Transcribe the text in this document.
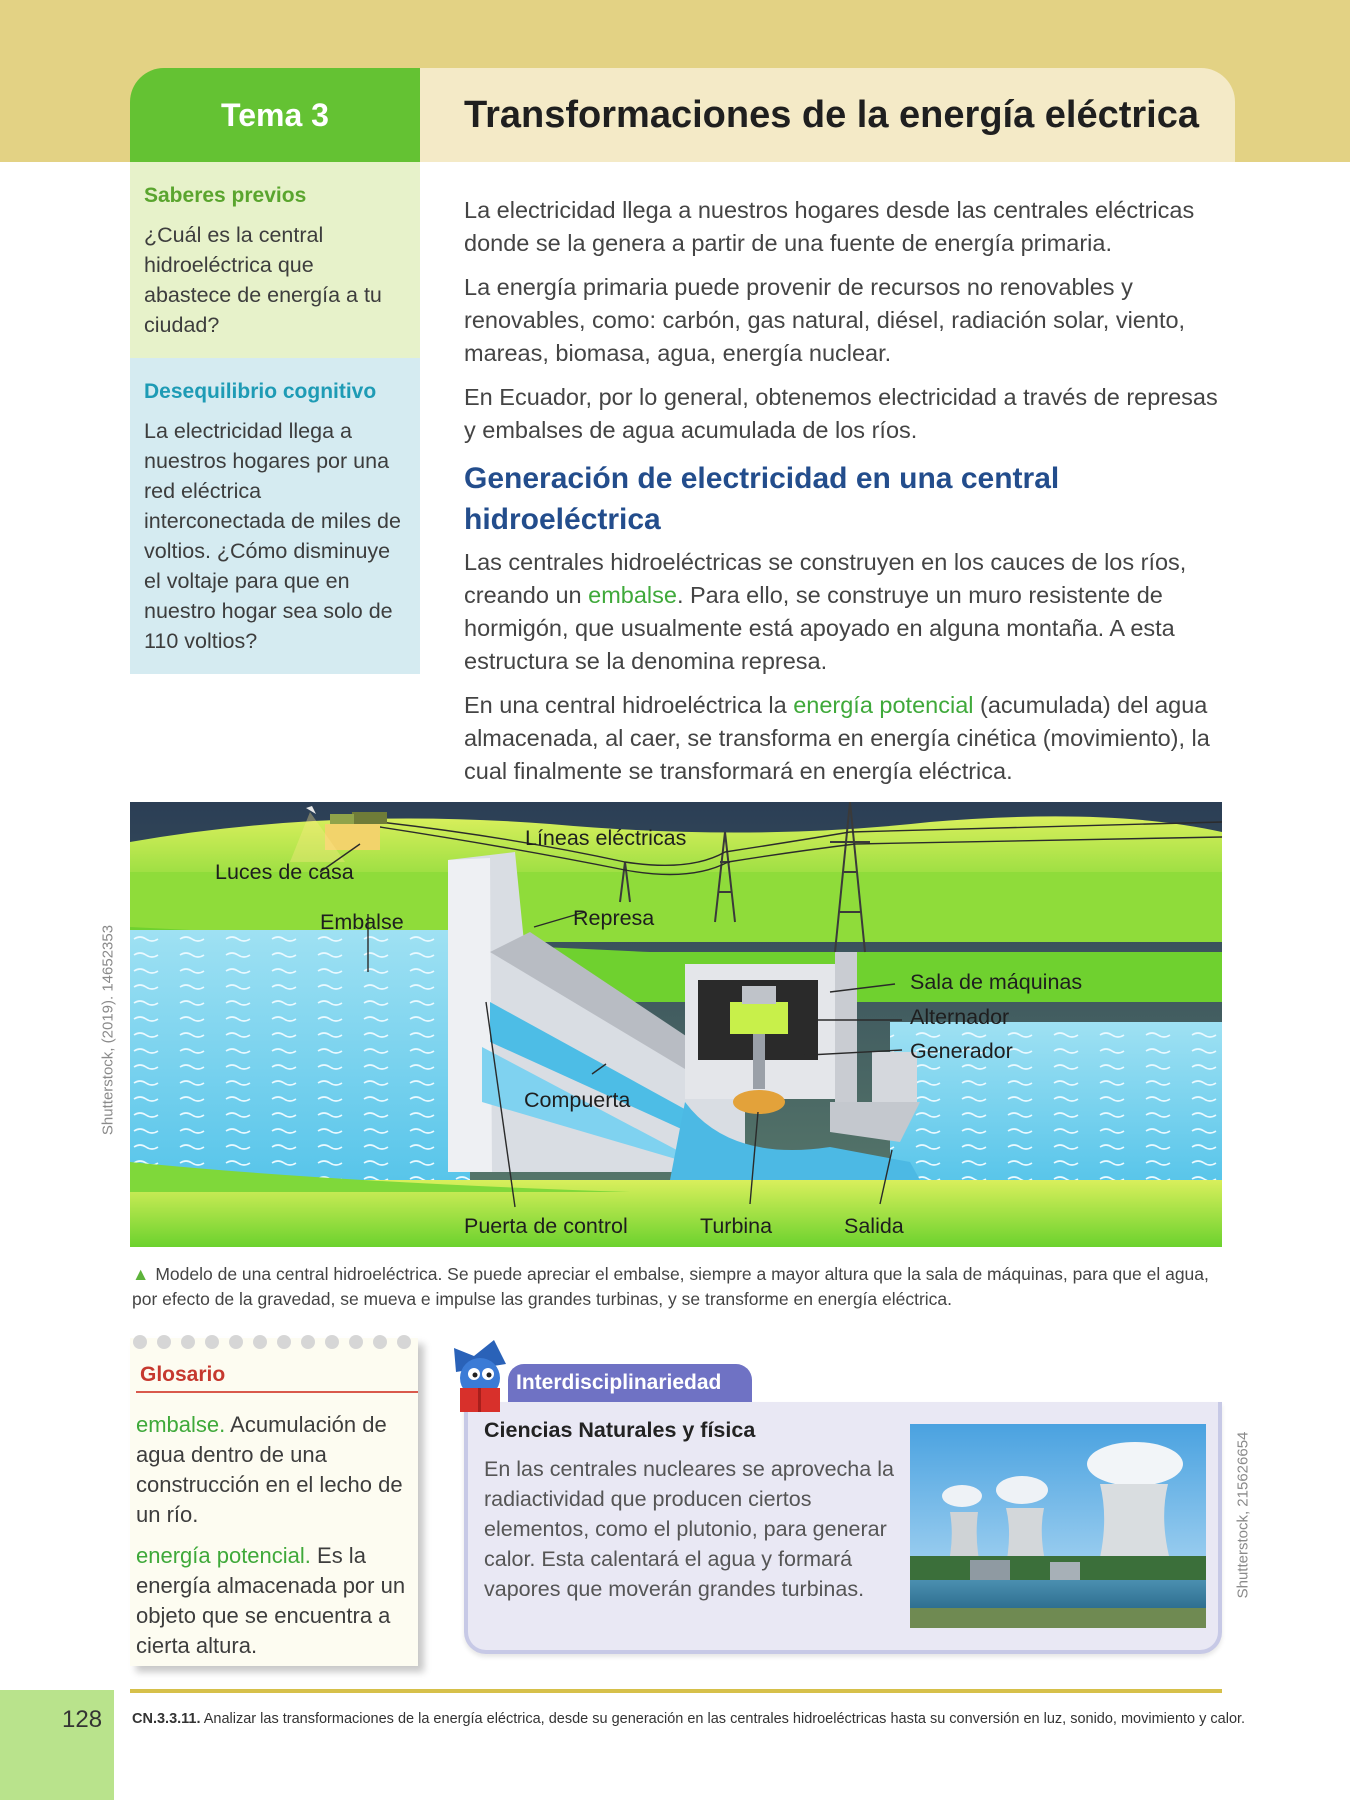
Tema 3	Transformaciones de la energía eléctrica
Saberes previos
¿Cuál es la central hidroeléctrica que abastece de energía a tu ciudad?
Desequilibrio cognitivo
La electricidad llega a nuestros hogares por una red eléctrica interconectada de miles de voltios. ¿Cómo disminuye el voltaje para que en nuestro hogar sea solo de 110 voltios?

La electricidad llega a nuestros hogares desde las centrales eléctricas donde se la genera a partir de una fuente de energía primaria.

La energía primaria puede provenir de recursos no renovables y renovables, como: carbón, gas natural, diésel, radiación solar, viento, mareas, biomasa, agua, energía nuclear.

En Ecuador, por lo general, obtenemos electricidad a través de represas y embalses de agua acumulada de los ríos.

Generación de electricidad en una central hidroeléctrica

Las centrales hidroeléctricas se construyen en los cauces de los ríos, creando un embalse. Para ello, se construye un muro resistente de hormigón, que usualmente está apoyado en alguna montaña. A esta estructura se la denomina represa.

En una central hidroeléctrica la energía potencial (acumulada) del agua almacenada, al caer, se transforma en energía cinética (movimiento), la cual finalmente se transformará en energía eléctrica.

Líneas eléctricas
Luces de casa
Embalse	Represa
Sala de máquinas
Alternador
Generador
Compuerta
Puerta de control	Turbina	Salida
Shutterstock, (2019). 14652353
▲ Modelo de una central hidroeléctrica. Se puede apreciar el embalse, siempre a mayor altura que la sala de máquinas, para que el agua, por efecto de la gravedad, se mueva e impulse las grandes turbinas, y se transforme en energía eléctrica.
Glosario

embalse. Acumulación de agua dentro de una construcción en el lecho de un río.

energía potencial. Es la energía almacenada por un objeto que se encuentra a cierta altura.

Interdisciplinariedad
Ciencias Naturales y física
En las centrales nucleares se aprovecha la radiactividad que producen ciertos elementos, como el plutonio, para generar calor. Esta calentará el agua y formará vapores que moverán grandes turbinas.	Shutterstock, 215626654
128 CN.3.3.11. Analizar las transformaciones de la energía eléctrica, desde su generación en las centrales hidroeléctricas hasta su conversión en luz, sonido, movimiento y calor.
